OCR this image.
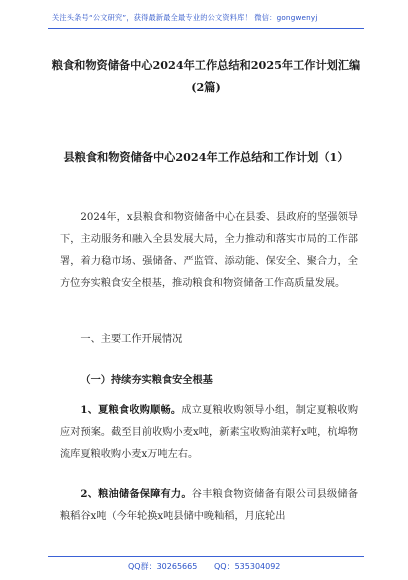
关注头条号“公文研究”，获得最新最全最专业的公文资料库！ 微信：gongwenyj
粮食和物资储备中心2024年工作总结和2025年工作计划汇编(2篇)
县粮食和物资储备中心2024年工作总结和工作计划（1）
2024年，x县粮食和物资储备中心在县委、县政府的坚强领导下，主动服务和融入全县发展大局，全力推动和落实市局的工作部署，着力稳市场、强储备、严监管、添动能、保安全、聚合力，全方位夯实粮食安全根基，推动粮食和物资储备工作高质量发展。
一、主要工作开展情况
（一）持续夯实粮食安全根基
1、夏粮食收购顺畅。成立夏粮收购领导小组，制定夏粮收购应对预案。截至目前收购小麦x吨，新素宝收购油菜籽x吨，杭埠物流库夏粮收购小麦x万吨左右。
2、粮油储备保障有力。谷丰粮食物资储备有限公司县级储备粮稻谷x吨（今年轮换x吨县储中晚籼稻，月底轮出
QQ群：30265665 QQ：535304092
